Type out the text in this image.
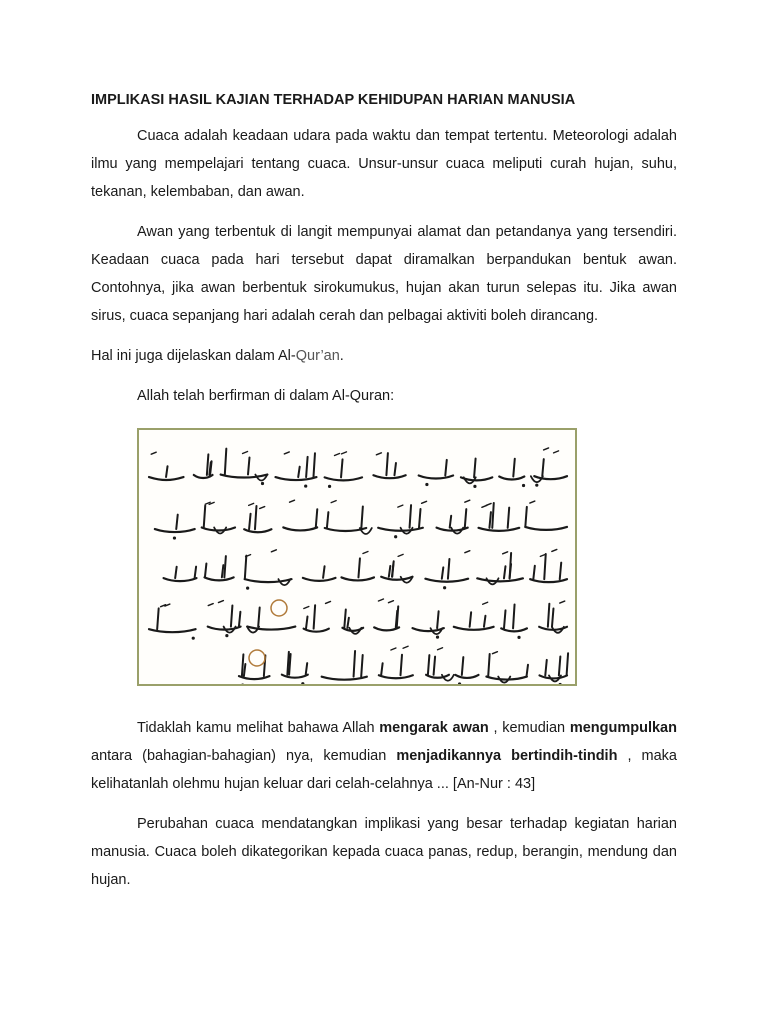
IMPLIKASI HASIL KAJIAN TERHADAP KEHIDUPAN HARIAN MANUSIA

Cuaca adalah keadaan udara pada waktu dan tempat tertentu. Meteorologi adalah ilmu yang mempelajari tentang cuaca. Unsur-unsur cuaca meliputi curah hujan, suhu, tekanan, kelembaban, dan awan.

Awan yang terbentuk di langit mempunyai alamat dan petandanya yang tersendiri. Keadaan cuaca pada hari tersebut dapat diramalkan berpandukan bentuk awan. Contohnya, jika awan berbentuk sirokumukus, hujan akan turun selepas itu. Jika awan sirus, cuaca sepanjang hari adalah cerah dan pelbagai aktiviti boleh dirancang.

Hal ini juga dijelaskan dalam Al-Qur’an.

Allah telah berfirman di dalam Al-Quran:

Tidaklah kamu melihat bahawa Allah mengarak awan , kemudian mengumpulkan antara (bahagian-bahagian) nya, kemudian menjadikannya bertindih-tindih , maka kelihatanlah olehmu hujan keluar dari celah-celahnya ... [An-Nur : 43]

Perubahan cuaca mendatangkan implikasi yang besar terhadap kegiatan harian manusia. Cuaca boleh dikategorikan kepada cuaca panas, redup, berangin, mendung dan hujan.
